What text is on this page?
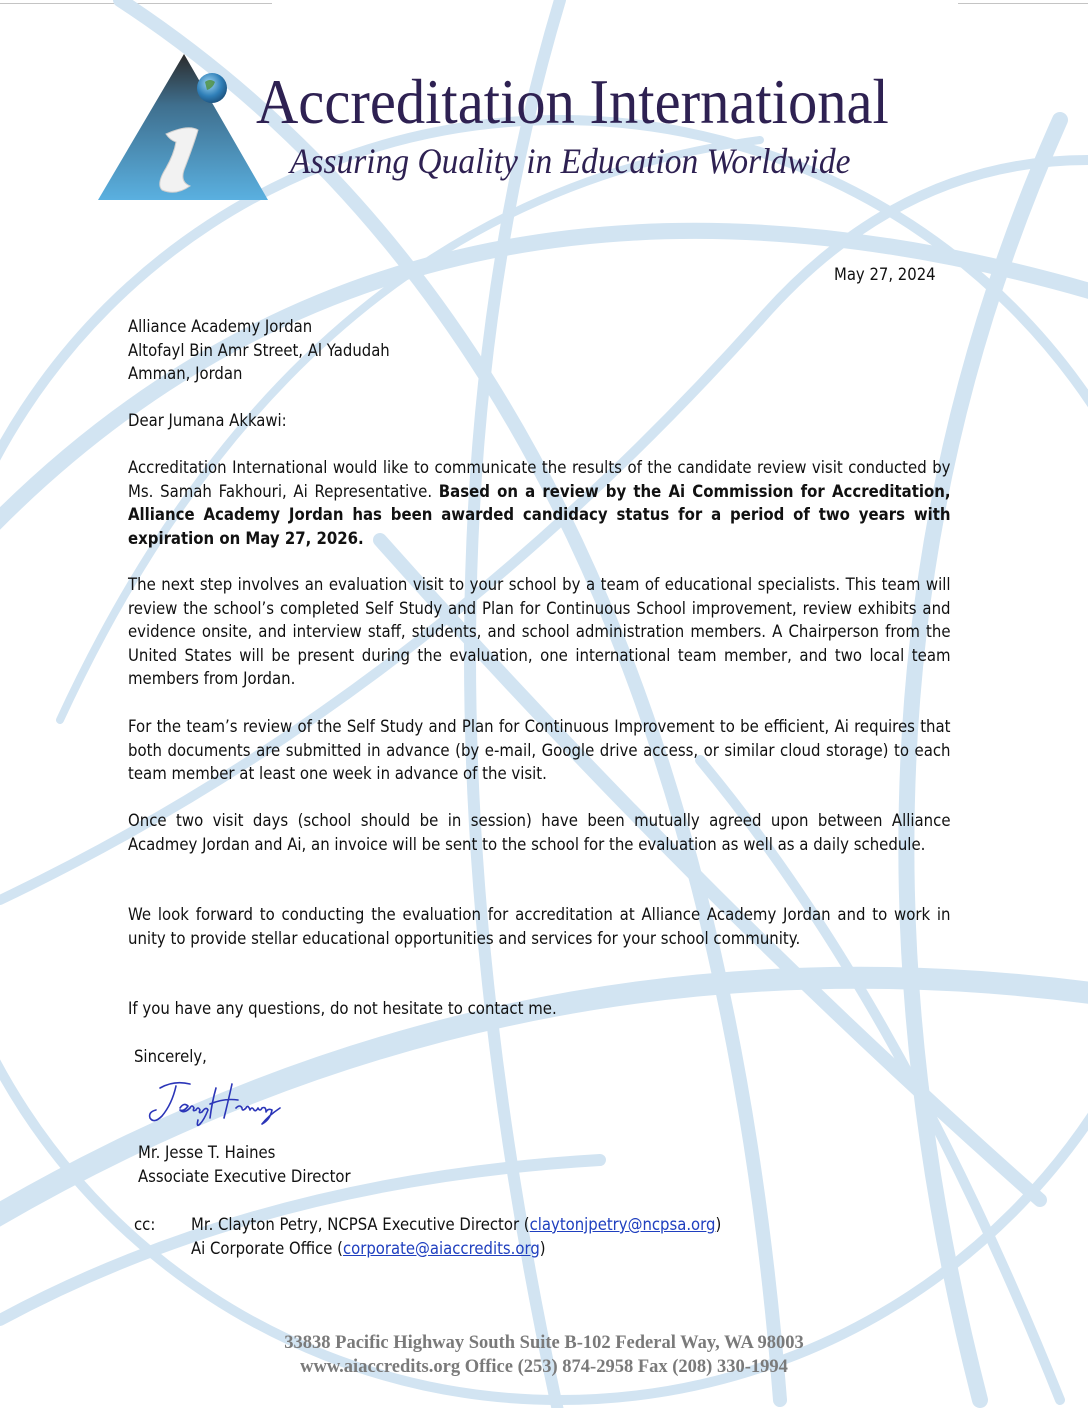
Accreditation International
Assuring Quality in Education Worldwide
May 27, 2024
Alliance Academy Jordan
Altofayl Bin Amr Street, Al Yadudah
Amman, Jordan
Dear Jumana Akkawi:
Accreditation International would like to communicate the results of the candidate review visit conducted by Ms. Samah Fakhouri, Ai Representative. Based on a review by the Ai Commission for Accreditation, Alliance Academy Jordan has been awarded candidacy status for a period of two years with expiration on May 27, 2026.
The next step involves an evaluation visit to your school by a team of educational specialists. This team will review the school’s completed Self Study and Plan for Continuous School improvement, review exhibits and evidence onsite, and interview staff, students, and school administration members. A Chairperson from the United States will be present during the evaluation, one international team member, and two local team members from Jordan.
For the team’s review of the Self Study and Plan for Continuous Improvement to be efficient, Ai requires that both documents are submitted in advance (by e-mail, Google drive access, or similar cloud storage) to each team member at least one week in advance of the visit.
Once two visit days (school should be in session) have been mutually agreed upon between Alliance Acadmey Jordan and Ai, an invoice will be sent to the school for the evaluation as well as a daily schedule.
We look forward to conducting the evaluation for accreditation at Alliance Academy Jordan and to work in unity to provide stellar educational opportunities and services for your school community.
If you have any questions, do not hesitate to contact me.
Sincerely,
Mr. Jesse T. Haines
Associate Executive Director
cc: Mr. Clayton Petry, NCPSA Executive Director (claytonjpetry@ncpsa.org)
Ai Corporate Office (corporate@aiaccredits.org)
33838 Pacific Highway South Suite B-102 Federal Way, WA 98003
www.aiaccredits.org Office (253) 874-2958 Fax (208) 330-1994
